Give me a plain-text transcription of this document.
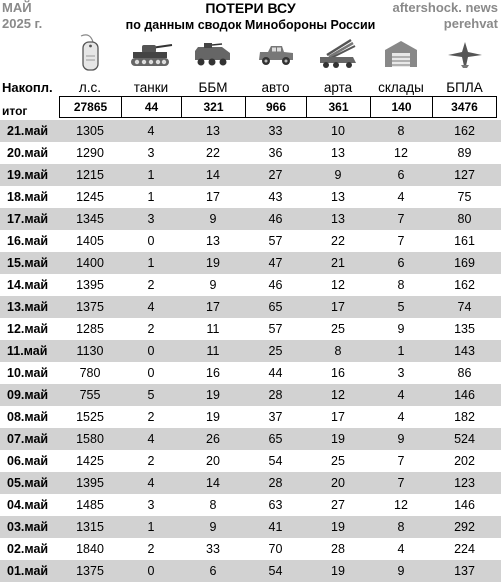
МАЙ
2025 г.
ПОТЕРИ ВСУ
по данным сводок Минобороны России
aftershock. news
perehvat
Накопл.	л.с.	танки	ББМ	авто	арта	склады	БПЛА
итог	27865	44	321	966	361	140	3476
21.май	1305	4	13	33	10	8	162
20.май	1290	3	22	36	13	12	89
19.май	1215	1	14	27	9	6	127
18.май	1245	1	17	43	13	4	75
17.май	1345	3	9	46	13	7	80
16.май	1405	0	13	57	22	7	161
15.май	1400	1	19	47	21	6	169
14.май	1395	2	9	46	12	8	162
13.май	1375	4	17	65	17	5	74
12.май	1285	2	11	57	25	9	135
11.май	1130	0	11	25	8	1	143
10.май	780	0	16	44	16	3	86
09.май	755	5	19	28	12	4	146
08.май	1525	2	19	37	17	4	182
07.май	1580	4	26	65	19	9	524
06.май	1425	2	20	54	25	7	202
05.май	1395	4	14	28	20	7	123
04.май	1485	3	8	63	27	12	146
03.май	1315	1	9	41	19	8	292
02.май	1840	2	33	70	28	4	224
01.май	1375	0	6	54	19	9	137
